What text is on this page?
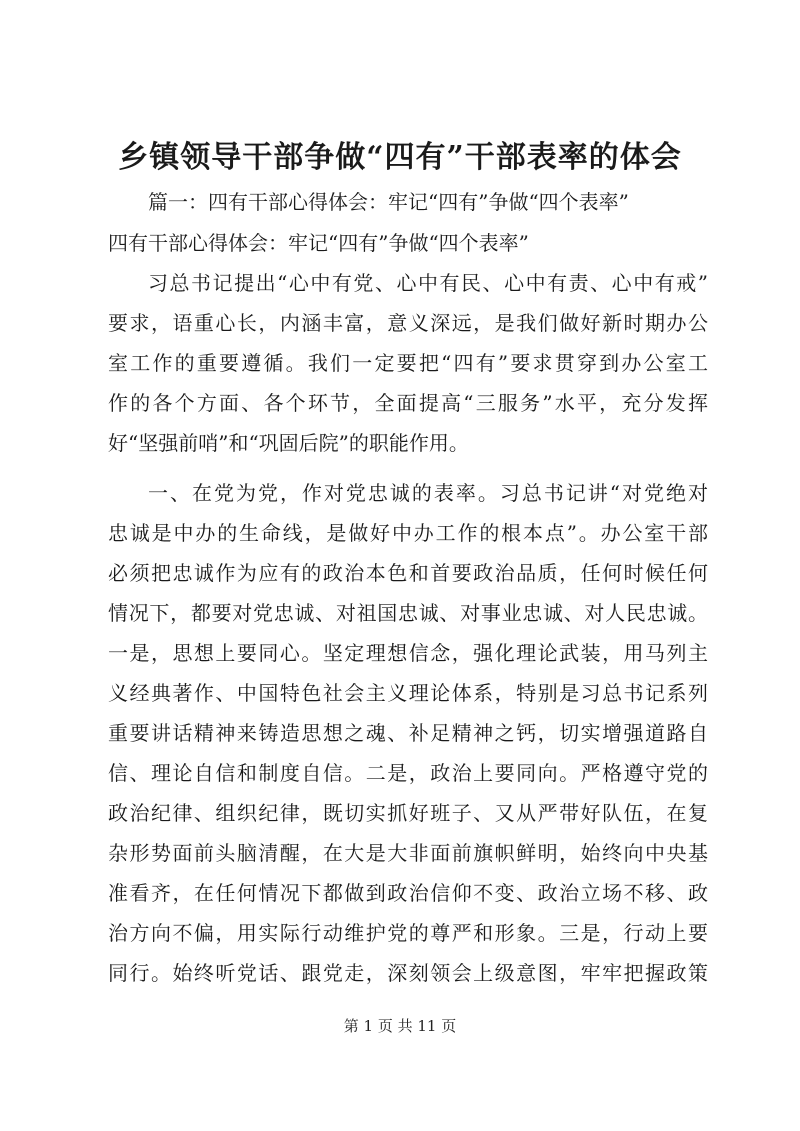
乡镇领导干部争做“四有”干部表率的体会
篇一：四有干部心得体会：牢记“四有”争做“四个表率”
四有干部心得体会：牢记“四有”争做“四个表率”
习总书记提出“心中有党、心中有民、心中有责、心中有戒”
要求，语重心长，内涵丰富，意义深远，是我们做好新时期办公
室工作的重要遵循。我们一定要把“四有”要求贯穿到办公室工
作的各个方面、各个环节，全面提高“三服务”水平，充分发挥
好“坚强前哨”和“巩固后院”的职能作用。
一、在党为党，作对党忠诚的表率。习总书记讲“对党绝对
忠诚是中办的生命线，是做好中办工作的根本点”。办公室干部
必须把忠诚作为应有的政治本色和首要政治品质，任何时候任何
情况下，都要对党忠诚、对祖国忠诚、对事业忠诚、对人民忠诚。
一是，思想上要同心。坚定理想信念，强化理论武装，用马列主
义经典著作、中国特色社会主义理论体系，特别是习总书记系列
重要讲话精神来铸造思想之魂、补足精神之钙，切实增强道路自
信、理论自信和制度自信。二是，政治上要同向。严格遵守党的
政治纪律、组织纪律，既切实抓好班子、又从严带好队伍，在复
杂形势面前头脑清醒，在大是大非面前旗帜鲜明，始终向中央基
准看齐，在任何情况下都做到政治信仰不变、政治立场不移、政
治方向不偏，用实际行动维护党的尊严和形象。三是，行动上要
同行。始终听党话、跟党走，深刻领会上级意图，牢牢把握政策
第 1 页 共 11 页
